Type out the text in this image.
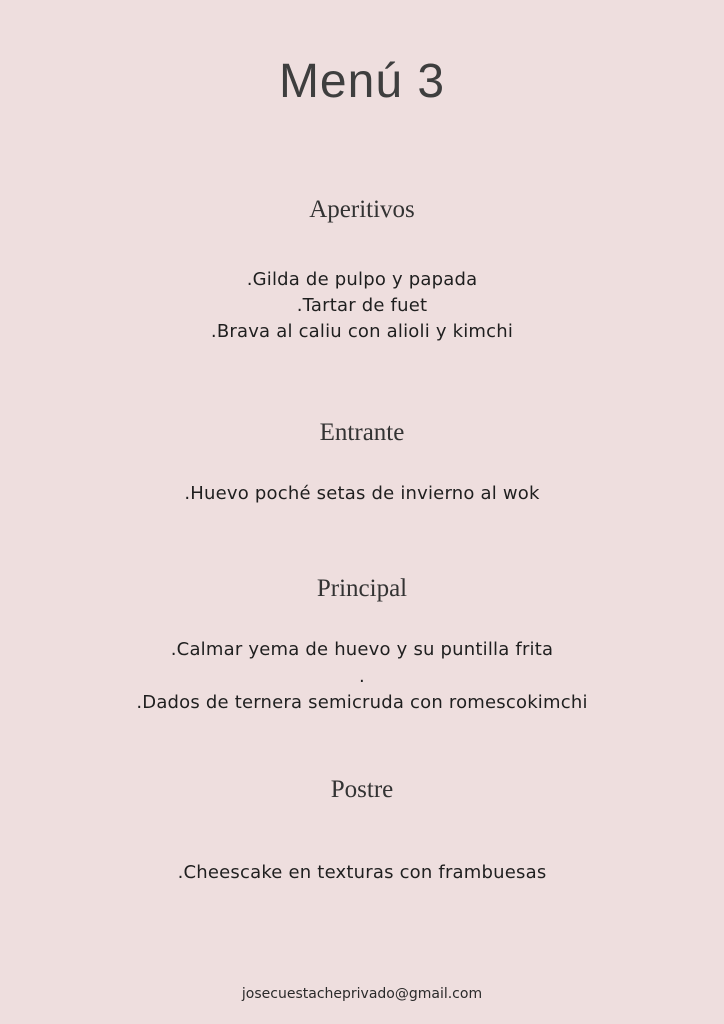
Menú 3
Aperitivos
.Gilda de pulpo y papada
.Tartar de fuet
.Brava al caliu con alioli y kimchi
Entrante
.Huevo poché setas de invierno al wok
Principal
.Calmar yema de huevo y su puntilla frita
.
.Dados de ternera semicruda con romescokimchi
Postre
.Cheescake en texturas con frambuesas
josecuestacheprivado@gmail.com
